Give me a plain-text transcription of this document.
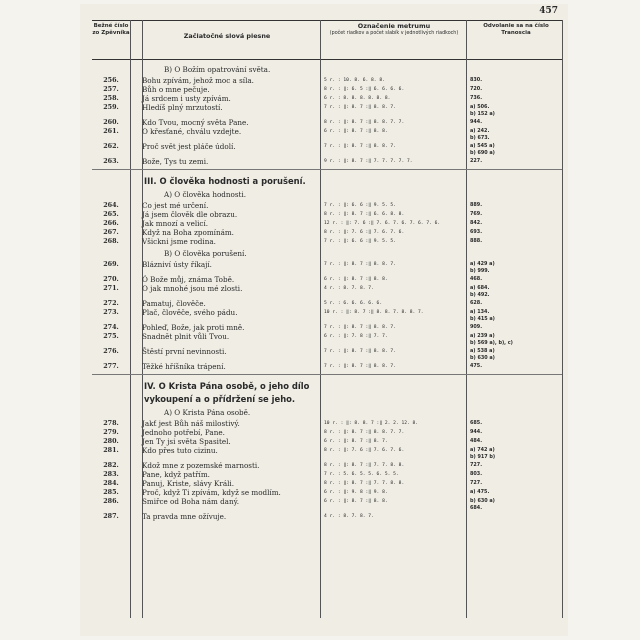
457
Bežné číslo zo Zpěvníka	Začiatočné slová piesne
Označenie metrumu
(počet riadkov a počet slabík v jednotlivých riadkoch)
Odvolanie sa na číslo Tranoscia
B) O Božím opatrování světa.
256.	Bohu zpívám, jehož moc a síla.	5 r. : 10. 8. 6. 8. 8.	830.
257.	Bůh o mne pečuje.	8 r. : ‖: 6. 5 :‖ 6. 6. 6. 6.	720.
258.	Já srdcem i usty zpívám.	6 r. : 8. 8. 8. 8. 8. 8.	736.
259.	Hledíš plný mrzutostí.	7 r. : ‖: 8. 7 :‖ 8. 8. 7.	a) 506.
b) 152 a)
260.	Kdo Tvou, mocný světa Pane.	8 r. : ‖: 8. 7 :‖ 8. 8. 7. 7.	944.
261.	O křesťané, chválu vzdejte.	6 r. : ‖: 8. 7 :‖ 8. 8.	a) 242.
b) 673.
262.	Proč svět jest pláče údolí.	7 r. : ‖: 8. 7 :‖ 8. 8. 7.	a) 545 a)
b) 690 a)
263.	Bože, Tys tu zemi.	9 r. : ‖: 8. 7 :‖ 7. 7. 7. 7. 7.	227.
III. O člověka hodnosti a porušení.
A) O člověka hodnosti.
264.	Co jest mé určení.	7 r. : ‖: 6. 6 :‖ 9. 5. 5.	889.
265.	Já jsem člověk dle obrazu.	8 r. : ‖: 8. 7 :‖ 6. 6. 8. 8.	769.
266.	Jak mnozí a velicí.	12 r. : ‖: 7. 6 :‖ 7. 6. 7. 6. 7. 6. 7. 6.	842.
267.	Když na Boha zpomínám.	8 r. : ‖: 7. 6 :‖ 7. 6. 7. 6.	693.
268.	Všickni jsme rodina.	7 r. : ‖: 6. 6 :‖ 9. 5. 5.	888.
B) O člověka porušení.
269.	Blázniví ústy říkají.	7 r. : ‖: 8. 7 :‖ 8. 8. 7.	a) 429 a)
b) 999.
270.	Ó Bože můj, známa Tobě.	6 r. : ‖: 8. 7 :‖ 8. 8.	468.
271.	O jak mnohé jsou mé zlosti.	4 r. : 8. 7. 8. 7.	a) 684.
b) 492.
272.	Pamatuj, člověče.	5 r. : 6. 6. 6. 6. 6.	628.
273.	Plač, člověče, svého pádu.	10 r. : ‖: 8. 7 :‖ 8. 8. 7. 8. 8. 7.	a) 134.
b) 415 a)
274.	Pohleď, Bože, jak proti mně.	7 r. : ‖: 8. 7 :‖ 8. 8. 7.	909.
275.	Snadnět plnit vůli Tvou.	6 r. : ‖: 7. 8 :‖ 7. 7.	a) 239 a)
b) 569 a), b), c)
276.	Štěstí první nevinnosti.	7 r. : ‖: 8. 7 :‖ 8. 8. 7.	a) 538 a)
b) 630 a)
277.	Těžké hříšníka trápení.	7 r. : ‖: 8. 7 :‖ 8. 8. 7.	475.
IV. O Krista Pána osobě, o jeho dílo
vykoupení a o přídržení se jeho.
A) O Krista Pána osobě.
278.	Jakť jest Bůh náš milostivý.	10 r. : ‖: 8. 8. 7 :‖ 2. 2. 12. 8.	685.
279.	Jednoho potřebí, Pane.	8 r. : ‖: 8. 7 :‖ 8. 8. 7. 7.	944.
280.	Jen Ty jsi světa Spasitel.	6 r. : ‖: 8. 7 :‖ 8. 7.	484.
281.	Kdo přes tuto cizinu.	8 r. : ‖: 7. 6 :‖ 7. 6. 7. 6.	a) 742 a)
b) 917 b)
282.	Kdož mne z pozemské marnosti.	8 r. : ‖: 8. 7 :‖ 7. 7. 8. 8.	727.
283.	Pane, když patřím.	7 r. : 5. 6. 5. 5. 6. 5. 5.	803.
284.	Panuj, Kriste, slávy Králi.	8 r. : ‖: 8. 7 :‖ 7. 7. 8. 8.	727.
285.	Proč, když Ti zpívám, když se modlím.	6 r. : ‖: 9. 8 :‖ 9. 8.	a) 475.
286.	Smiřce od Boha nám daný.	6 r. : ‖: 8. 7 :‖ 8. 8.	b) 630 a)
684.
287.	Ta pravda mne ožívuje.	4 r. : 8. 7. 8. 7.
